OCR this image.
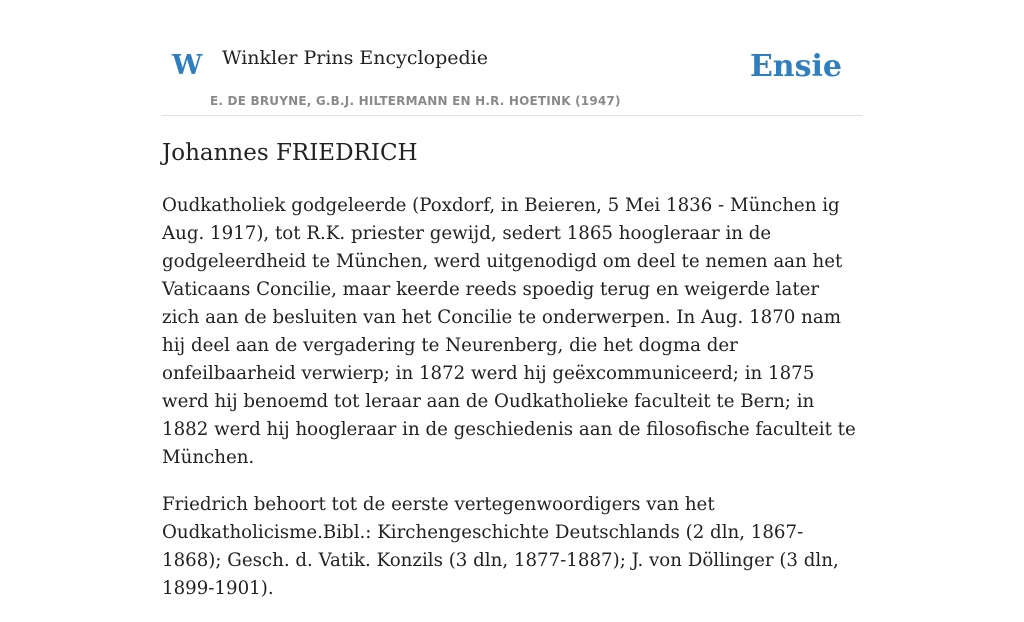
W Winkler Prins Encyclopedie
E. DE BRUYNE, G.B.J. HILTERMANN EN H.R. HOETINK (1947)
Ensie
Johannes FRIEDRICH

Oudkatholiek godgeleerde (Poxdorf, in Beieren, 5 Mei 1836 - München ig Aug. 1917), tot R.K. priester gewijd, sedert 1865 hoogleraar in de godgeleerdheid te München, werd uitgenodigd om deel te nemen aan het Vaticaans Concilie, maar keerde reeds spoedig terug en weigerde later zich aan de besluiten van het Concilie te onderwerpen. In Aug. 1870 nam hij deel aan de vergadering te Neurenberg, die het dogma der onfeilbaarheid verwierp; in 1872 werd hij geëxcommuniceerd; in 1875 werd hij benoemd tot leraar aan de Oudkatholieke faculteit te Bern; in 1882 werd hij hoogleraar in de geschiedenis aan de filosofische faculteit te München.

Friedrich behoort tot de eerste vertegenwoordigers van het Oudkatholicisme.Bibl.: Kirchengeschichte Deutschlands (2 dln, 1867-1868); Gesch. d. Vatik. Konzils (3 dln, 1877-1887); J. von Döllinger (3 dln, 1899-1901).
